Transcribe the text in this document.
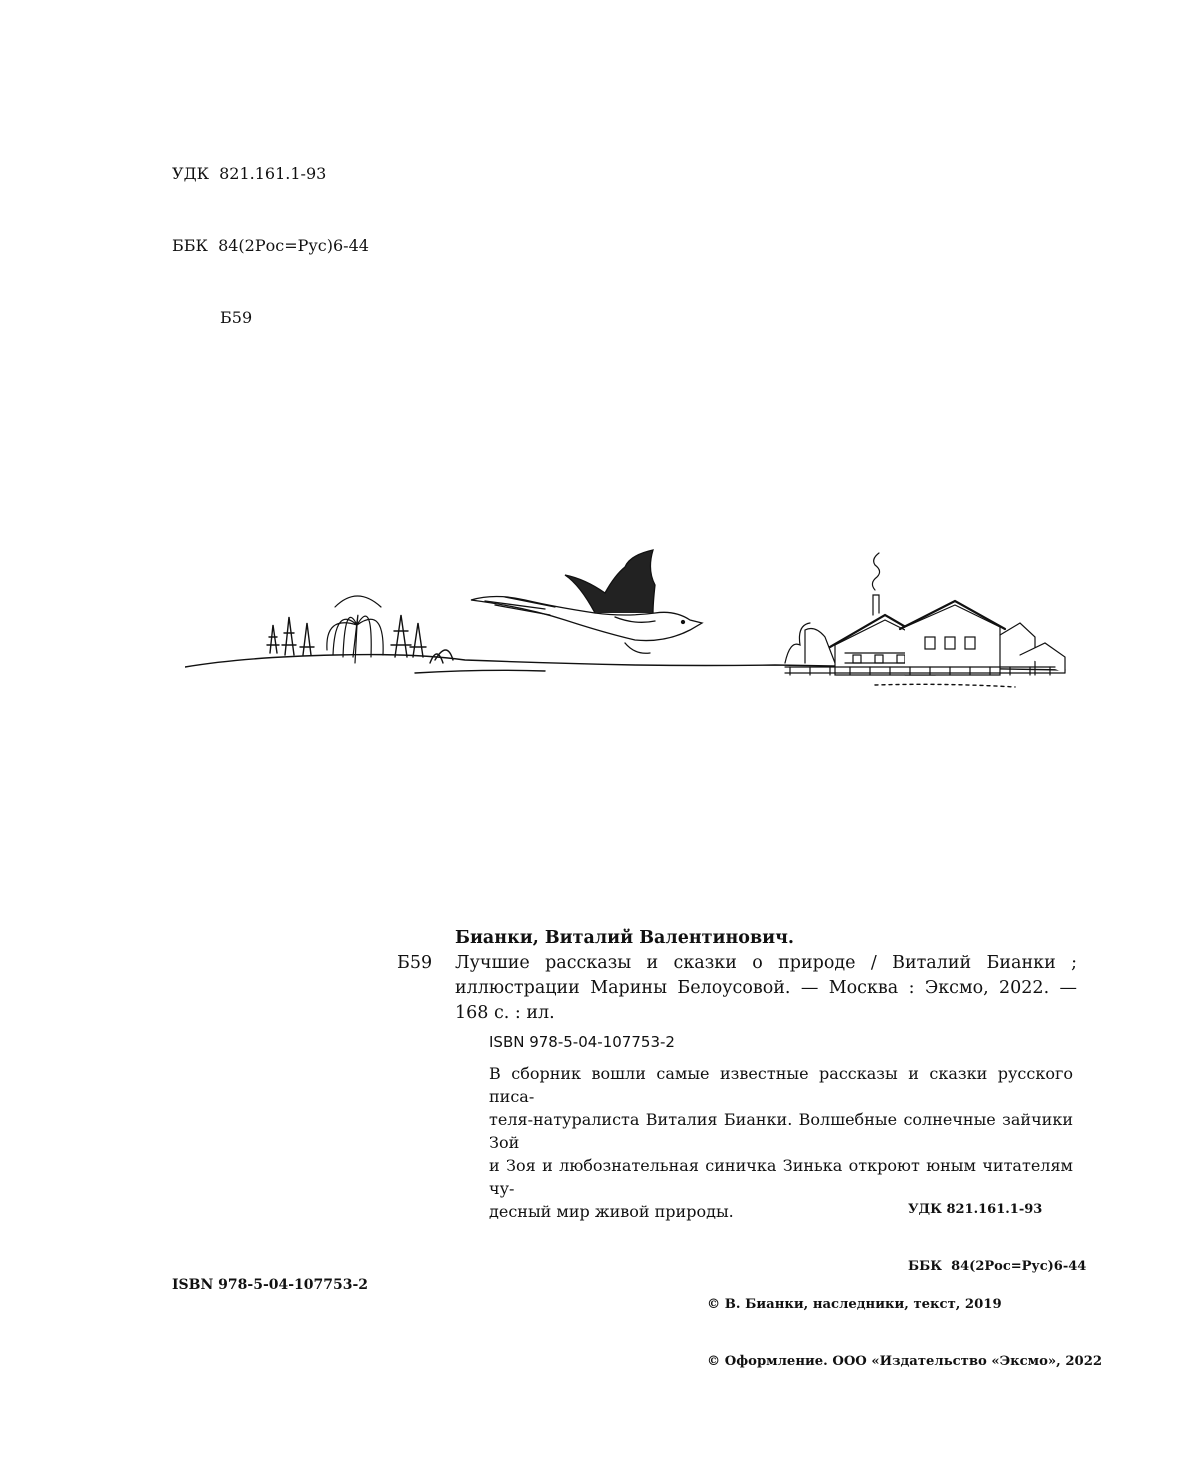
УДК  821.161.1-93

ББК  84(2Рос=Рус)6-44

Б59

Бианки, Виталий Валентинович.
Б59	Лучшие рассказы и сказки о природе / Виталий Бианки ;
иллюстрации Марины Белоусовой. — Москва : Эксмо, 2022. —
168 с. : ил.
ISBN 978-5-04-107753-2
В сборник вошли самые известные рассказы и сказки русского писа-
теля-натуралиста Виталия Бианки. Волшебные солнечные зайчики Зой
и Зоя и любознательная синичка Зинька откроют юным читателям чу-
десный мир живой природы.

	УДК 821.161.1-93

ББК  84(2Рос=Рус)6-44

ISBN 978-5-04-107753-2

© В. Бианки, наследники, текст, 2019

© Оформление. ООО «Издательство «Эксмо», 2022
